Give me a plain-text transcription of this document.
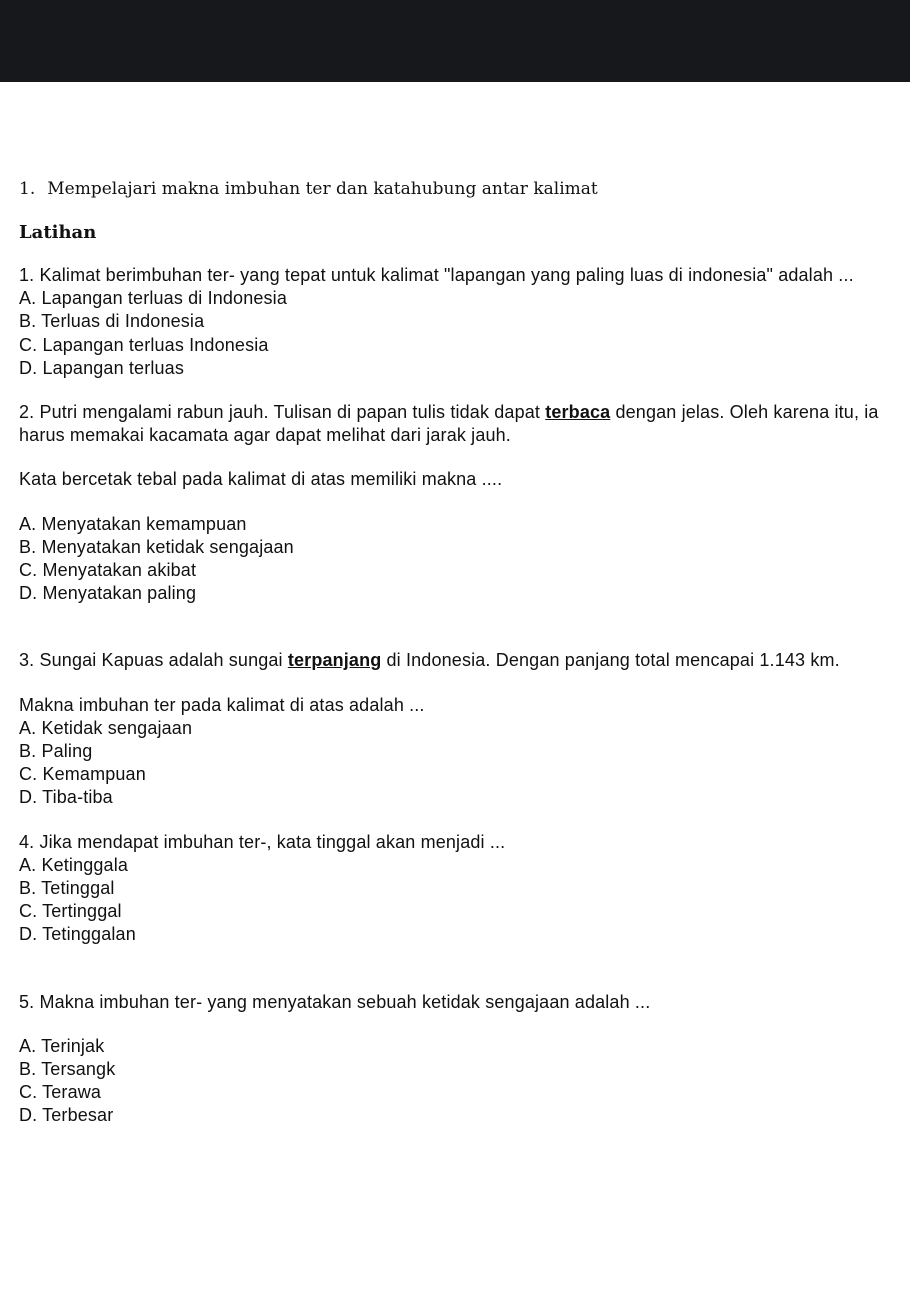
1. Mempelajari makna imbuhan ter dan katahubung antar kalimat

Latihan
1. Kalimat berimbuhan ter- yang tepat untuk kalimat "lapangan yang paling luas di indonesia" adalah ...
A. Lapangan terluas di Indonesia
B. Terluas di Indonesia
C. Lapangan terluas Indonesia
D. Lapangan terluas
2. Putri mengalami rabun jauh. Tulisan di papan tulis tidak dapat terbaca dengan jelas. Oleh karena itu, ia harus memakai kacamata agar dapat melihat dari jarak jauh.
Kata bercetak tebal pada kalimat di atas memiliki makna ....
A. Menyatakan kemampuan
B. Menyatakan ketidak sengajaan
C. Menyatakan akibat
D. Menyatakan paling
3. Sungai Kapuas adalah sungai terpanjang di Indonesia. Dengan panjang total mencapai 1.143 km.
Makna imbuhan ter pada kalimat di atas adalah ...
A. Ketidak sengajaan
B. Paling
C. Kemampuan
D. Tiba-tiba
4. Jika mendapat imbuhan ter-, kata tinggal akan menjadi ...
A. Ketinggala
B. Tetinggal
C. Tertinggal
D. Tetinggalan
5. Makna imbuhan ter- yang menyatakan sebuah ketidak sengajaan adalah ...
A. Terinjak
B. Tersangk
C. Terawa
D. Terbesar
